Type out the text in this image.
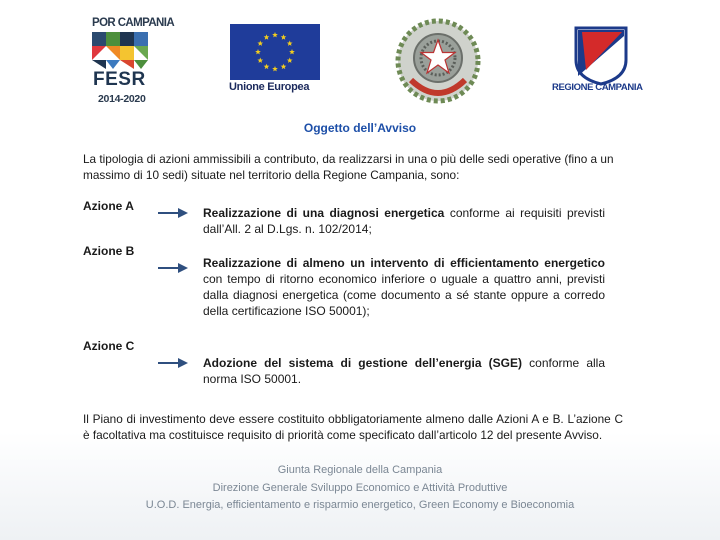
POR CAMPANIA
FESR
2014-2020
Unione Europea	REGIONE CAMPANIA
Oggetto dell’Avviso
La tipologia di azioni ammissibili a contributo, da realizzarsi in una o più delle sedi operative (fino a un massimo di 10 sedi) situate nel territorio della Regione Campania, sono:
Azione A	Realizzazione di una diagnosi energetica conforme ai requisiti previsti dall’All. 2 al D.Lgs. n. 102/2014;
Azione B
Realizzazione di almeno un intervento di efficientamento energetico con tempo di ritorno economico inferiore o uguale a quattro anni, previsti dalla diagnosi energetica (come documento a sé stante oppure a corredo della certificazione ISO 50001);
Azione C
Adozione del sistema di gestione dell’energia (SGE) conforme alla norma ISO 50001.
Il Piano di investimento deve essere costituito obbligatoriamente almeno dalle Azioni A e B. L’azione C è facoltativa ma costituisce requisito di priorità come specificato dall’articolo 12 del presente Avviso.
Giunta Regionale della Campania
Direzione Generale Sviluppo Economico e Attività Produttive
U.O.D. Energia, efficientamento e risparmio energetico, Green Economy e Bioeconomia
